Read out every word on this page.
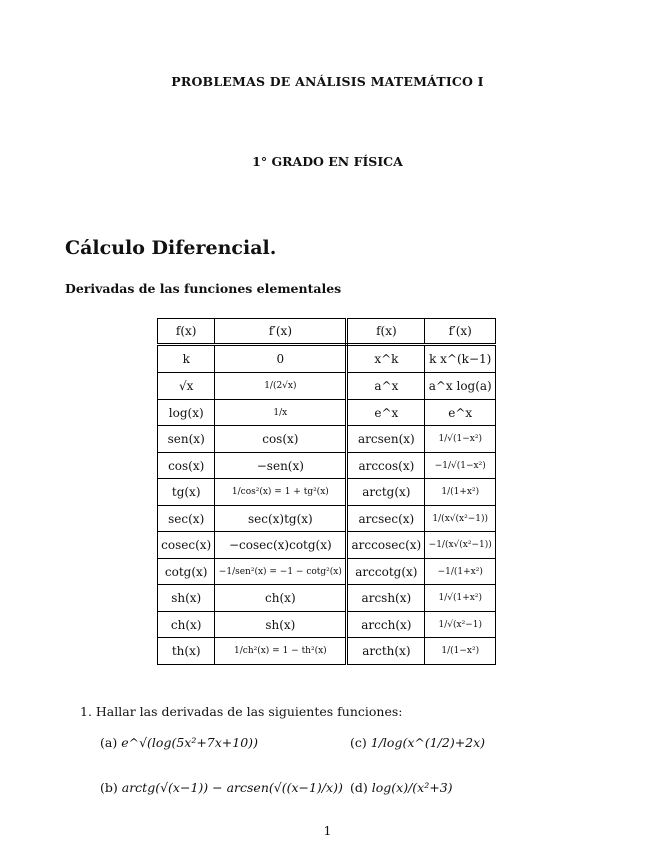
PROBLEMAS DE ANÁLISIS MATEMÁTICO I
1° GRADO EN FÍSICA
Cálculo Diferencial.
Derivadas de las funciones elementales
f(x)	f′(x)	f(x)	f′(x)
k	0	x^k	k x^(k−1)
√x	1/(2√x)	a^x	a^x log(a)
log(x)	1/x	e^x	e^x
sen(x)	cos(x)	arcsen(x)	1/√(1−x²)
cos(x)	−sen(x)	arccos(x)	−1/√(1−x²)
tg(x)	1/cos²(x) = 1 + tg²(x)	arctg(x)	1/(1+x²)
sec(x)	sec(x)tg(x)	arcsec(x)	1/(x√(x²−1))
cosec(x)	−cosec(x)cotg(x)	arccosec(x)	−1/(x√(x²−1))
cotg(x)	−1/sen²(x) = −1 − cotg²(x)	arccotg(x)	−1/(1+x²)
sh(x)	ch(x)	arcsh(x)	1/√(1+x²)
ch(x)	sh(x)	arcch(x)	1/√(x²−1)
th(x)	1/ch²(x) = 1 − th²(x)	arcth(x)	1/(1−x²)
1. Hallar las derivadas de las siguientes funciones:
(a) e^√(log(5x²+7x+10))
(b) arctg(√(x−1)) − arcsen(√((x−1)/x))
(c) 1/log(x^(1/2)+2x)
(d) log(x)/(x²+3)
1
